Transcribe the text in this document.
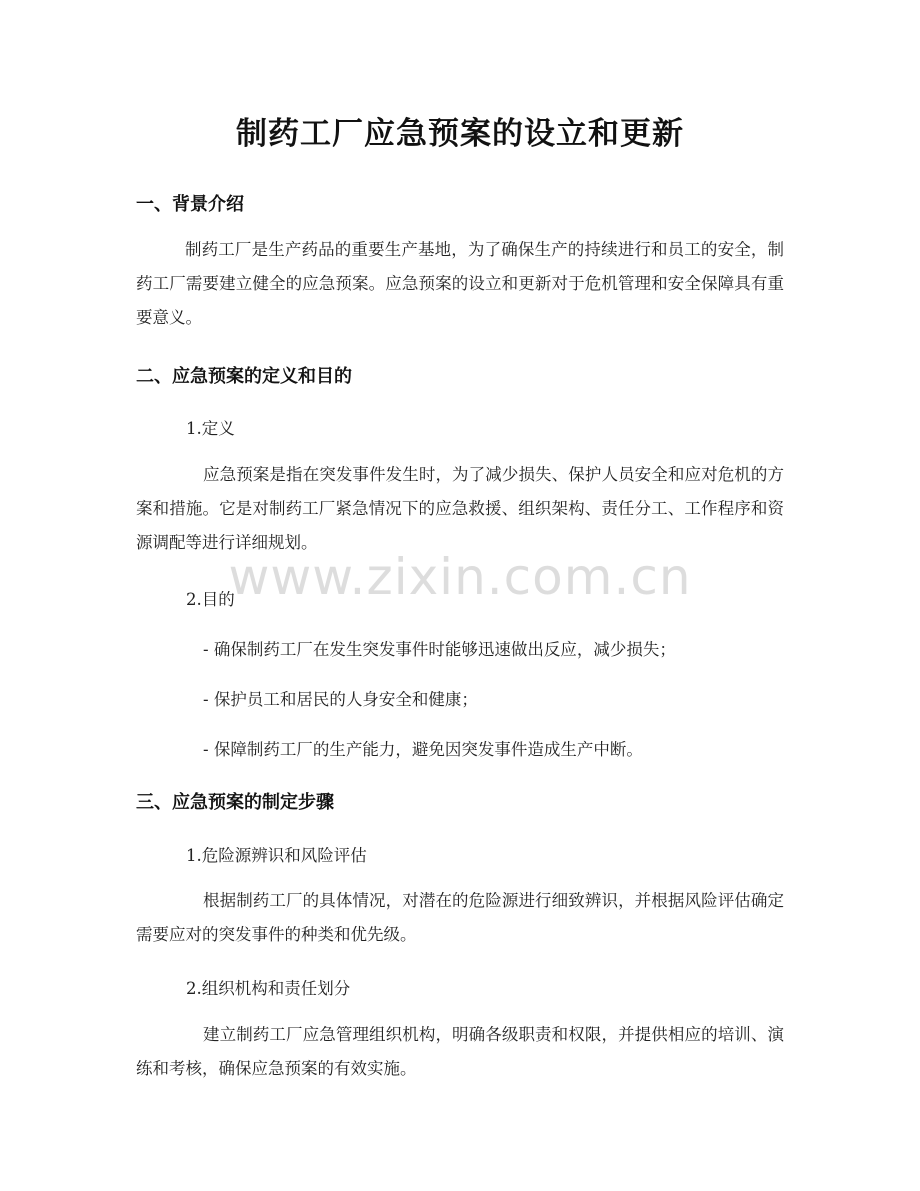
制药工厂应急预案的设立和更新
一、背景介绍
制药工厂是生产药品的重要生产基地，为了确保生产的持续进行和员工的安全，制药工厂需要建立健全的应急预案。应急预案的设立和更新对于危机管理和安全保障具有重要意义。
二、应急预案的定义和目的
1.定义
应急预案是指在突发事件发生时，为了减少损失、保护人员安全和应对危机的方案和措施。它是对制药工厂紧急情况下的应急救援、组织架构、责任分工、工作程序和资源调配等进行详细规划。
www.zixin.com.cn
2.目的
- 确保制药工厂在发生突发事件时能够迅速做出反应，减少损失；
- 保护员工和居民的人身安全和健康；
- 保障制药工厂的生产能力，避免因突发事件造成生产中断。
三、应急预案的制定步骤
1.危险源辨识和风险评估
根据制药工厂的具体情况，对潜在的危险源进行细致辨识，并根据风险评估确定需要应对的突发事件的种类和优先级。
2.组织机构和责任划分
建立制药工厂应急管理组织机构，明确各级职责和权限，并提供相应的培训、演练和考核，确保应急预案的有效实施。
